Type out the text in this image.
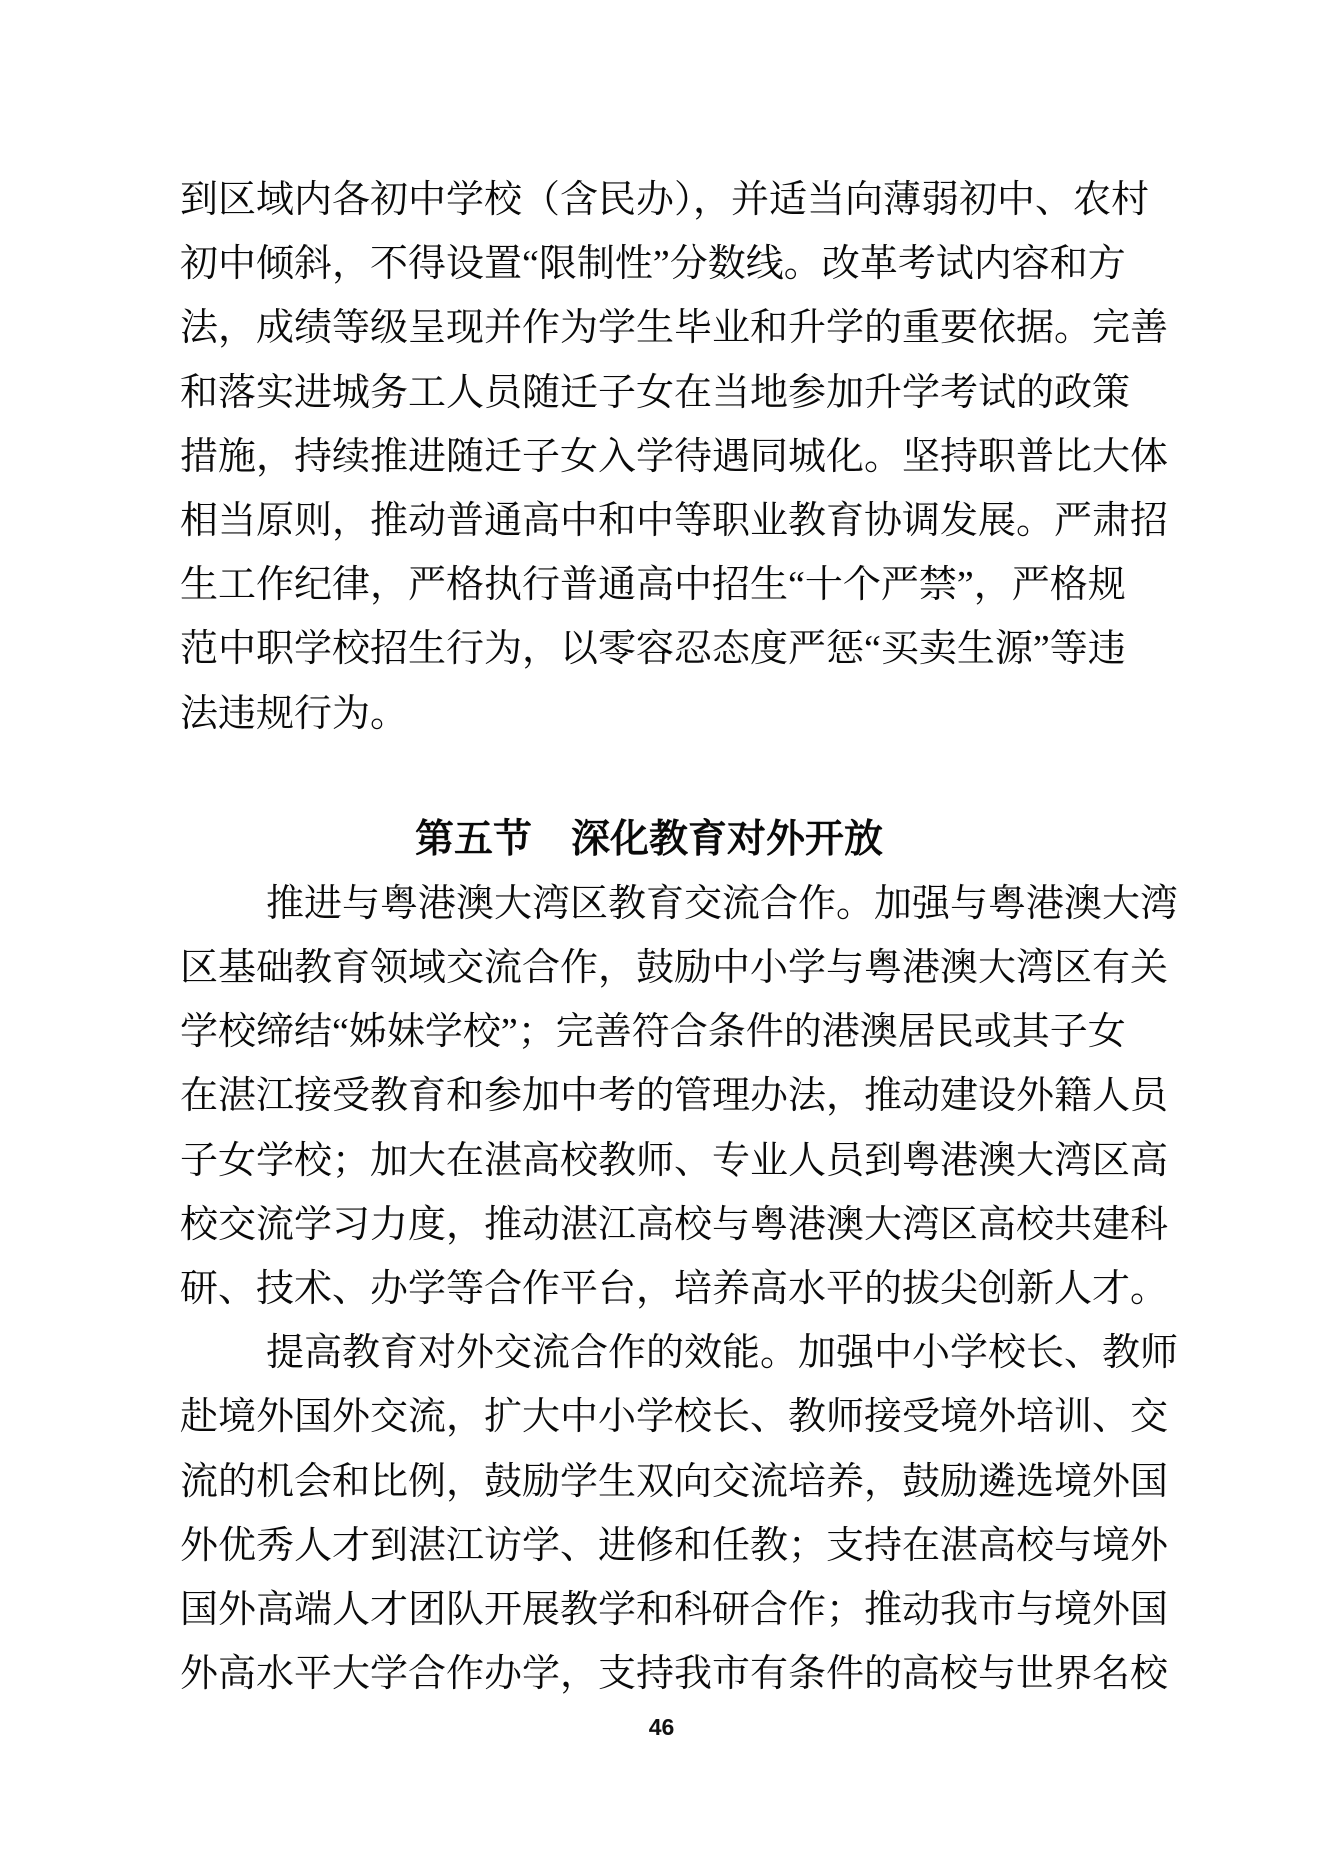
到区域内各初中学校（含民办），并适当向薄弱初中、农村
初中倾斜，不得设置“限制性”分数线。改革考试内容和方
法，成绩等级呈现并作为学生毕业和升学的重要依据。完善
和落实进城务工人员随迁子女在当地参加升学考试的政策
措施，持续推进随迁子女入学待遇同城化。坚持职普比大体
相当原则，推动普通高中和中等职业教育协调发展。严肃招
生工作纪律，严格执行普通高中招生“十个严禁”，严格规
范中职学校招生行为，以零容忍态度严惩“买卖生源”等违
法违规行为。
第五节　深化教育对外开放
推进与粤港澳大湾区教育交流合作。加强与粤港澳大湾
区基础教育领域交流合作，鼓励中小学与粤港澳大湾区有关
学校缔结“姊妹学校”；完善符合条件的港澳居民或其子女
在湛江接受教育和参加中考的管理办法，推动建设外籍人员
子女学校；加大在湛高校教师、专业人员到粤港澳大湾区高
校交流学习力度，推动湛江高校与粤港澳大湾区高校共建科
研、技术、办学等合作平台，培养高水平的拔尖创新人才。
提高教育对外交流合作的效能。加强中小学校长、教师
赴境外国外交流，扩大中小学校长、教师接受境外培训、交
流的机会和比例，鼓励学生双向交流培养，鼓励遴选境外国
外优秀人才到湛江访学、进修和任教；支持在湛高校与境外
国外高端人才团队开展教学和科研合作；推动我市与境外国
外高水平大学合作办学，支持我市有条件的高校与世界名校
46
